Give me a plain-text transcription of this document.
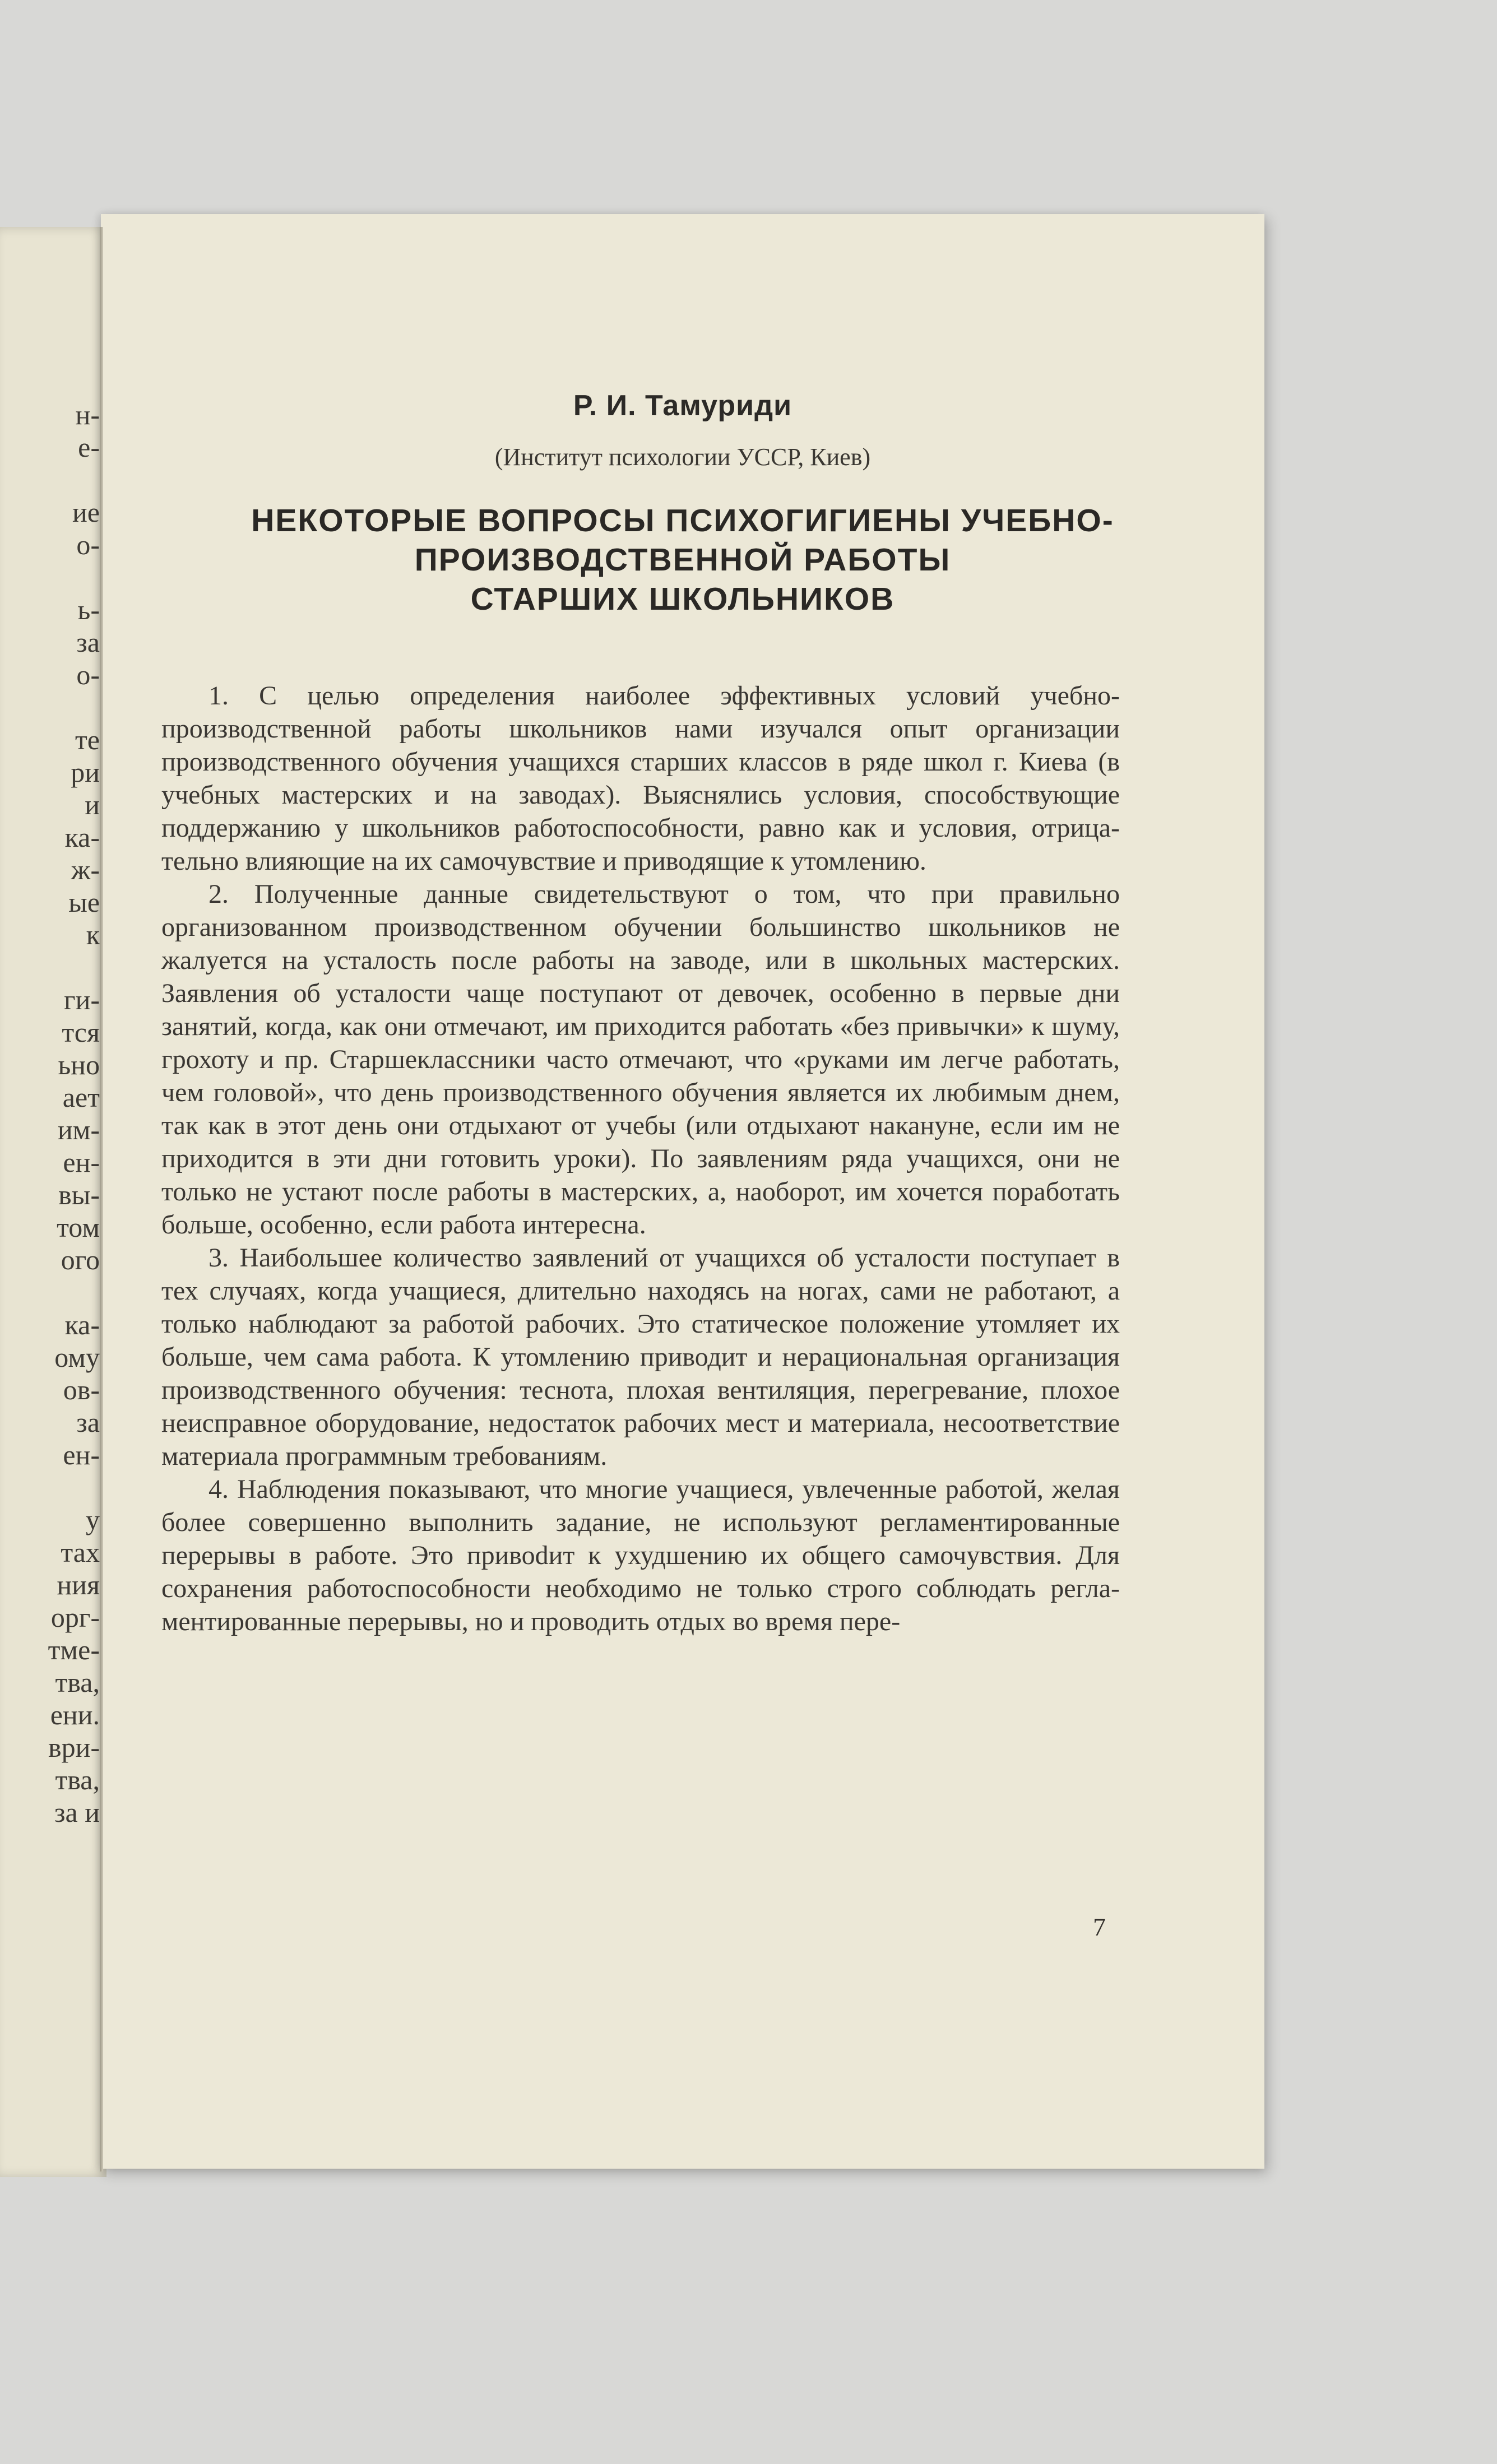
н-
е-
ие
о-
ь-
за
о-
те
ри
и
ка-
ж-
ые
к
ги-
тся
ьно
ает
им-
ен-
вы-
том
ого
ка-
ому
ов-
за
ен-
у
тах
ния
орг-
тме-
тва,
ени.
ври-
тва,
за и
Р. И. Тамуриди
(Институт психологии УССР, Киев)
НЕКОТОРЫЕ ВОПРОСЫ ПСИХОГИГИЕНЫ УЧЕБНО-
ПРОИЗВОДСТВЕННОЙ РАБОТЫ
СТАРШИХ ШКОЛЬНИКОВ

1. С целью определения наиболее эффективных условий учебно-производственной работы школьников нами изучался опыт организации производственного обучения учащихся старших классов в ряде школ г. Киева (в учебных мастерских и на заводах). Выяснялись условия, способствующие поддержанию у школьников работоспособности, равно как и условия, отрицательно влияющие на их самочувствие и приводящие к утомлению.

2. Полученные данные свидетельствуют о том, что при правильно организованном производственном обучении большинство школьников не жалуется на усталость после работы на заводе, или в школьных мастерских. Заявления об усталости чаще поступают от девочек, особенно в первые дни занятий, когда, как они отмечают, им приходится работать «без привычки» к шуму, грохоту и пр. Старшеклассники часто отмечают, что «руками им легче работать, чем головой», что день производственного обучения является их любимым днем, так как в этот день они отдыхают от учебы (или отдыхают накануне, если им не приходится в эти дни готовить уроки). По заявлениям ряда учащихся, они не только не устают после работы в мастерских, а, наоборот, им хочется поработать больше, особенно, если работа интересна.

3. Наибольшее количество заявлений от учащихся об усталости поступает в тех случаях, когда учащиеся, длительно находясь на ногах, сами не работают, а только наблюдают за работой рабочих. Это статическое положение утомляет их больше, чем сама работа. К утомлению приводит и нерациональная организация производственного обучения: теснота, плохая вентиляция, перегревание, плохое неисправное оборудование, недостаток рабочих мест и материала, несоответствие материала программным требованиям.

4. Наблюдения показывают, что многие учащиеся, увлеченные работой, желая более совершенно выполнить задание, не используют регламентированные перерывы в работе. Это привоdит к ухудшению их общего самочувствия. Для сохранения работоспособности необходимо не только строго соблюдать регламентированные перерывы, но и проводить отдых во время пере-

7
